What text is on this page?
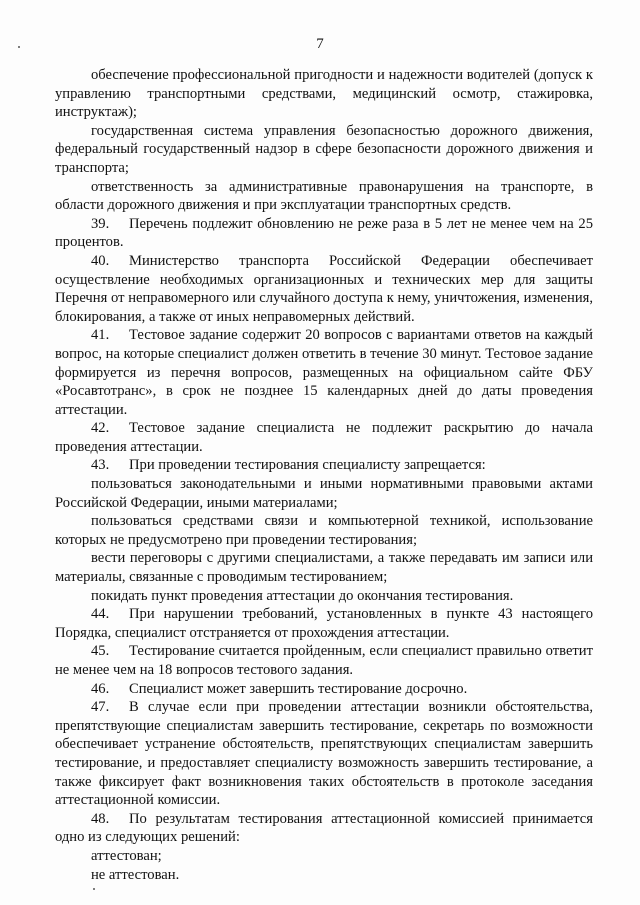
7

обеспечение профессиональной пригодности и надежности водителей (допуск к управлению транспортными средствами, медицинский осмотр, стажировка, инструктаж);

государственная система управления безопасностью дорожного движения, федеральный государственный надзор в сфере безопасности дорожного движения и транспорта;

ответственность за административные правонарушения на транспорте, в области дорожного движения и при эксплуатации транспортных средств.

39. Перечень подлежит обновлению не реже раза в 5 лет не менее чем на 25 процентов.

40. Министерство транспорта Российской Федерации обеспечивает осуществление необходимых организационных и технических мер для защиты Перечня от неправомерного или случайного доступа к нему, уничтожения, изменения, блокирования, а также от иных неправомерных действий.

41. Тестовое задание содержит 20 вопросов с вариантами ответов на каждый вопрос, на которые специалист должен ответить в течение 30 минут. Тестовое задание формируется из перечня вопросов, размещенных на официальном сайте ФБУ «Росавтотранс», в срок не позднее 15 календарных дней до даты проведения аттестации.

42. Тестовое задание специалиста не подлежит раскрытию до начала проведения аттестации.

43. При проведении тестирования специалисту запрещается:

пользоваться законодательными и иными нормативными правовыми актами Российской Федерации, иными материалами;

пользоваться средствами связи и компьютерной техникой, использование которых не предусмотрено при проведении тестирования;

вести переговоры с другими специалистами, а также передавать им записи или материалы, связанные с проводимым тестированием;

покидать пункт проведения аттестации до окончания тестирования.

44. При нарушении требований, установленных в пункте 43 настоящего Порядка, специалист отстраняется от прохождения аттестации.

45. Тестирование считается пройденным, если специалист правильно ответит не менее чем на 18 вопросов тестового задания.

46. Специалист может завершить тестирование досрочно.

47. В случае если при проведении аттестации возникли обстоятельства, препятствующие специалистам завершить тестирование, секретарь по возможности обеспечивает устранение обстоятельств, препятствующих специалистам завершить тестирование, и предоставляет специалисту возможность завершить тестирование, а также фиксирует факт возникновения таких обстоятельств в протоколе заседания аттестационной комиссии.

48. По результатам тестирования аттестационной комиссией принимается одно из следующих решений:

аттестован;

не аттестован.
